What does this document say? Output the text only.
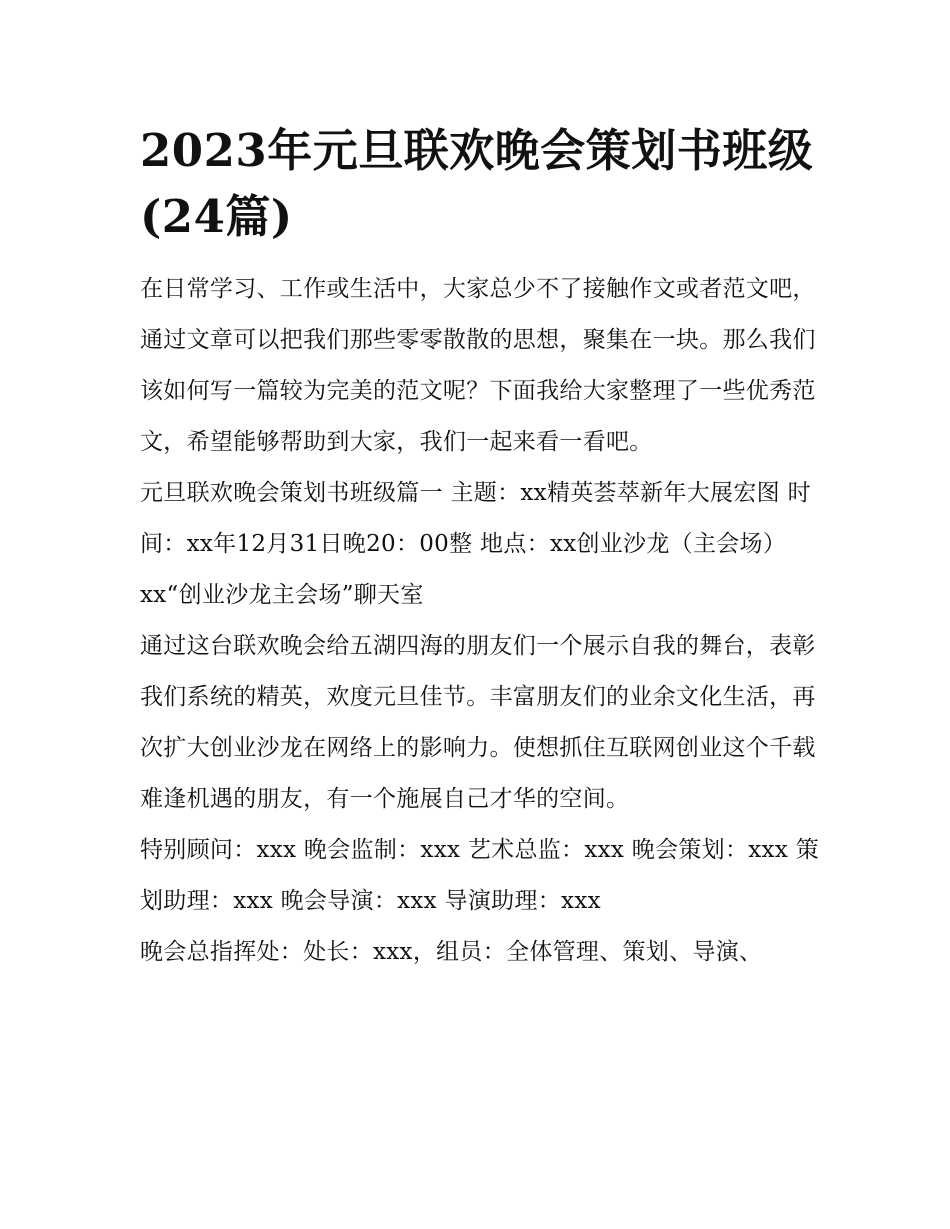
2023年元旦联欢晚会策划书班级(24篇)

在日常学习、工作或生活中，大家总少不了接触作文或者范文吧，通过文章可以把我们那些零零散散的思想，聚集在一块。那么我们该如何写一篇较为完美的范文呢？下面我给大家整理了一些优秀范文，希望能够帮助到大家，我们一起来看一看吧。

元旦联欢晚会策划书班级篇一 主题：xx精英荟萃新年大展宏图 时间：xx年12月31日晚20：00整 地点：xx创业沙龙（主会场）

xx“创业沙龙主会场”聊天室

通过这台联欢晚会给五湖四海的朋友们一个展示自我的舞台，表彰我们系统的精英，欢度元旦佳节。丰富朋友们的业余文化生活，再次扩大创业沙龙在网络上的影响力。使想抓住互联网创业这个千载难逢机遇的朋友，有一个施展自己才华的空间。

特别顾问：xxx 晚会监制：xxx 艺术总监：xxx 晚会策划：xxx 策划助理：xxx 晚会导演：xxx 导演助理：xxx

晚会总指挥处：处长：xxx，组员：全体管理、策划、导演、
